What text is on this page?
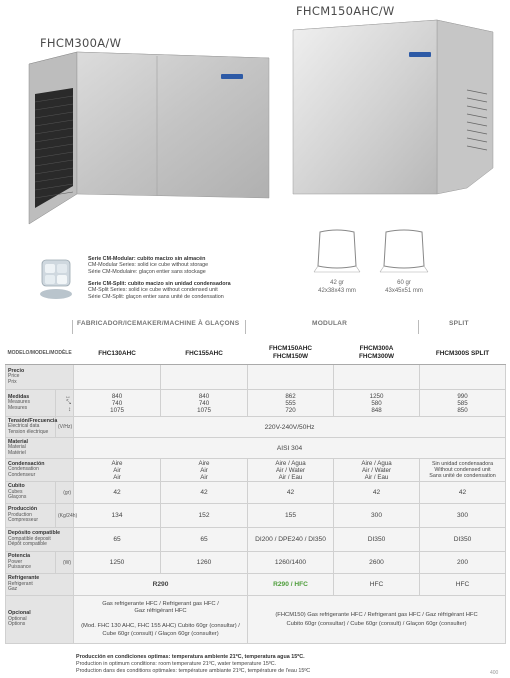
FHCM300A/W
FHCM150AHC/W
42 gr
42x38x43 mm
60 gr
43x45x51 mm
Serie CM-Modular: cubito macizo sin almacén
CM-Modular Series: solid ice cube without storage
Série CM-Modulaire: glaçon entier sans stockage
Serie CM-Split: cubito macizo sin unidad condensadora
CM-Split Series: solid ice cube without condensed unit
Série CM-Split: glaçon entier sans unité de condensation
FABRICADOR/ICEMAKER/MACHINE À GLAÇONS	MODULAR	SPLIT
MODELO/MODEL/MODÈLE		FHC130AHC	FHC155AHC	FHCM150AHC
FHCM150W	FHCM300A
FHCM300W	FHCM300S SPLIT
Precio
Price
Prix						
Medidas
Measures
Mesures	↔
⤡
↕	840
740
1075	840
740
1075	862
555
720	1250
580
848	990
585
850
Tensión/Frecuencia
Electrical data
Tension électrique	(V/Hz)	220V-240V/50Hz				
Material
Material
Matériel		AISI 304				
Condensación
Condensation
Condenseur		Aire
Air
Air	Aire
Air
Air	Aire / Agua
Air / Water
Air / Eau	Aire / Agua
Air / Water
Air / Eau	Sin unidad condensadora
Without condensed unit
Sans unité de condensation
Cubito
Cubes
Glaçons	(gr)	42	42	42	42	42
Producción
Production
Compresseur	(Kg/24h)	134	152	155	300	300
Depósito compatible
Compatible deposit
Dépôt compatible		65	65	DI200 / DPE240 / DI350	DI350	DI350
Potencia
Power
Puissance	(W)	1250	1260	1260/1400	2600	200
Refrigerante
Refrigerant
Gaz		R290		R290 / HFC	HFC	HFC
Opcional
Optional
Options		Gas refrigerante HFC / Refrigerant gas HFC /
Gaz réfrigérant HFC

(Mod. FHC 130 AHC, FHC 155 AHC) Cubito 60gr (consultar) /
Cube 60gr (consult) / Glaçon 60gr (consulter)		(FHCM150) Gas refrigerante HFC / Refrigerant gas HFC / Gaz réfrigérant HFC
Cubito 60gr (consultar) / Cube 60gr (consult) / Glaçon 60gr (consulter)		
Producción en condiciones optimas: temperatura ambiente 21ºC, temperatura agua 15ºC.
Production in optimum conditions: room temperature 21ºC, water temperature 15ºC.
Production dans des conditions optimales: température ambiante 21ºC, température de l'eau 15ºC	400
